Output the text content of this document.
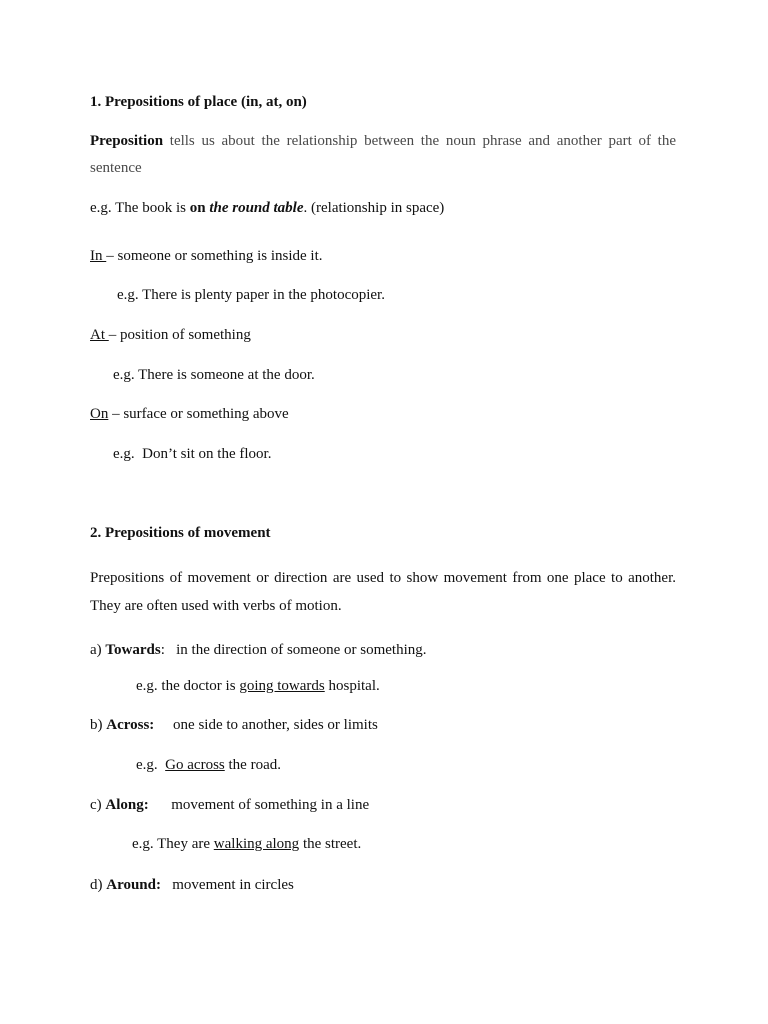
1. Prepositions of place (in, at, on)
Preposition tells us about the relationship between the noun phrase and another part of the
sentence
e.g. The book is on the round table. (relationship in space)
In – someone or something is inside it.
e.g. There is plenty paper in the photocopier.
At – position of something
e.g. There is someone at the door.
On – surface or something above
e.g.  Don’t sit on the floor.
2. Prepositions of movement
Prepositions of movement or direction are used to show movement from one place to another.
They are often used with verbs of motion.
a) Towards:   in the direction of someone or something.
e.g. the doctor is going towards hospital.
b) Across:     one side to another, sides or limits
e.g.  Go across the road.
c) Along:      movement of something in a line
e.g. They are walking along the street.
d) Around:   movement in circles
